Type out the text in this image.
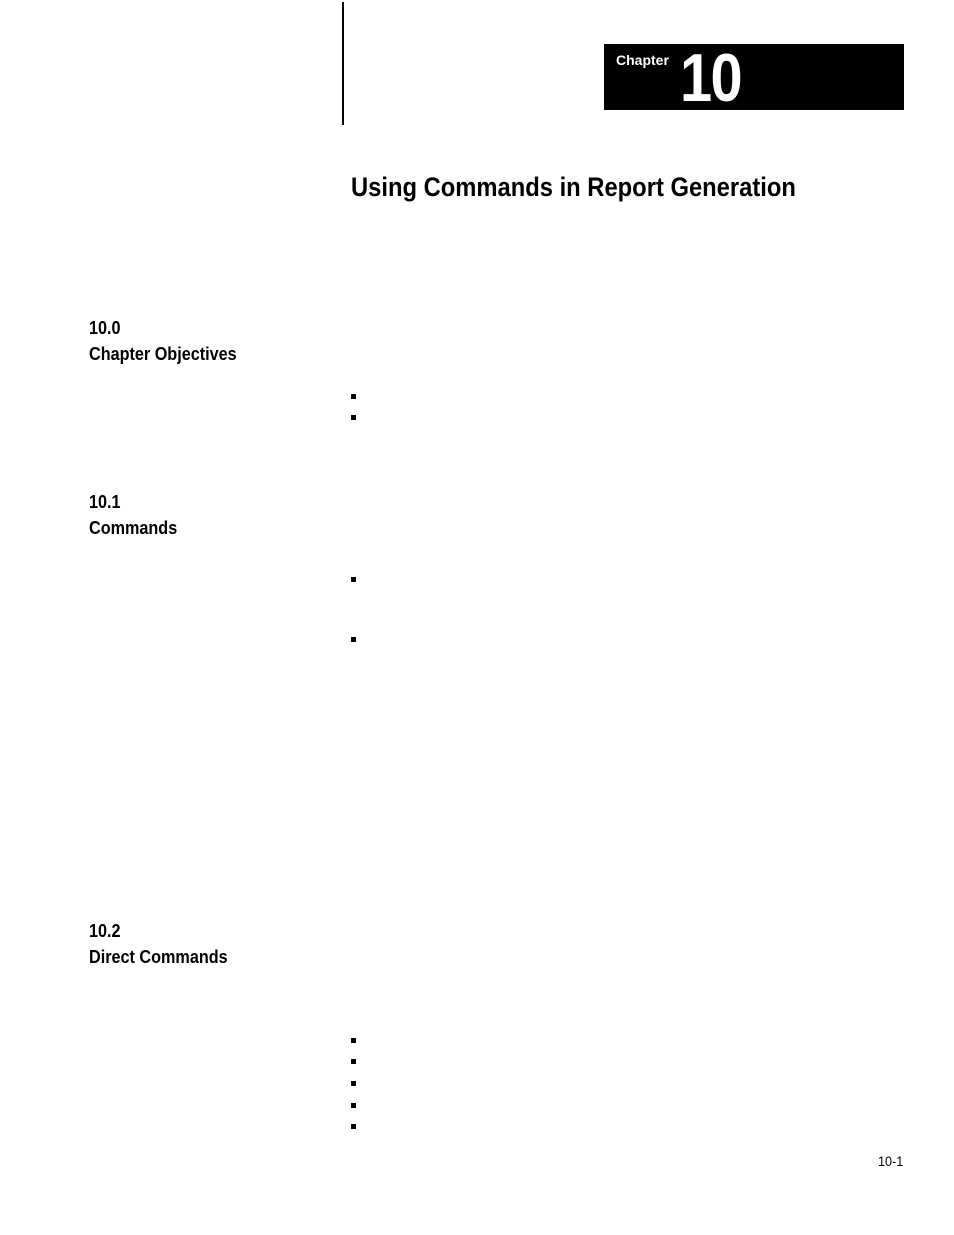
Chapter 10
Using Commands in Report Generation
10.0
Chapter Objectives
10.1
Commands
10.2
Direct Commands
10-1
